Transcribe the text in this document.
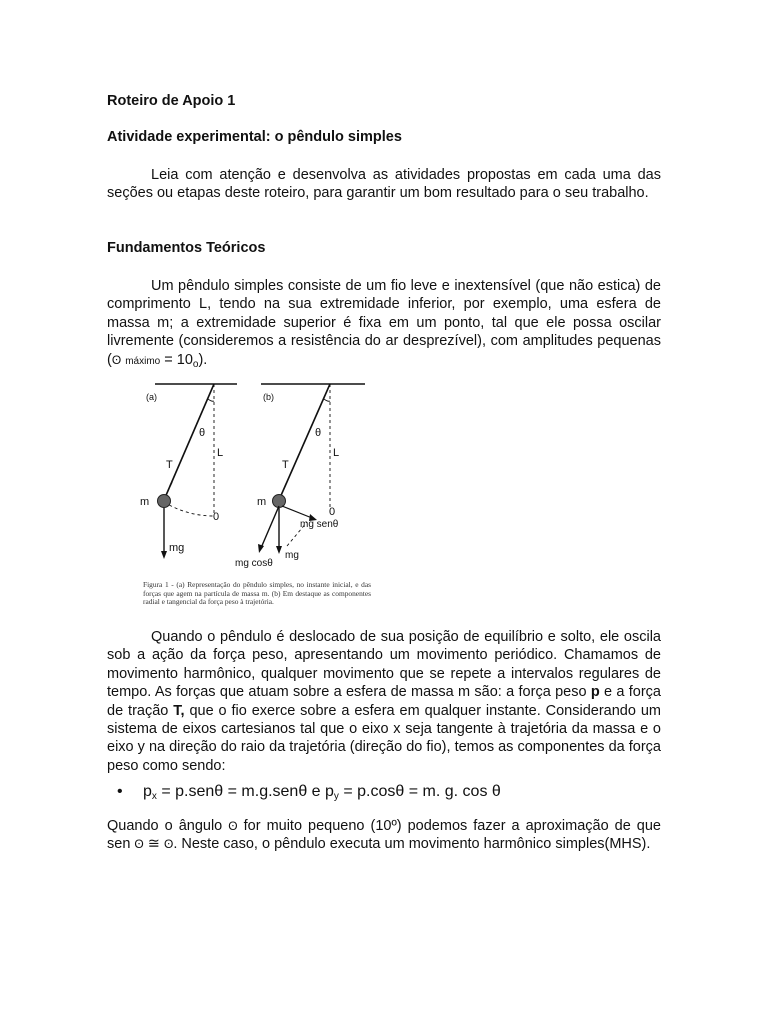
Roteiro de Apoio 1
Atividade experimental: o pêndulo simples

Leia com atenção e desenvolva as atividades propostas em cada uma das seções ou etapas deste roteiro, para garantir um bom resultado para o seu trabalho.

Fundamentos Teóricos

Um pêndulo simples consiste de um fio leve e inextensível (que não estica) de comprimento L, tendo na sua extremidade inferior, por exemplo, uma esfera de massa m; a extremidade superior é fixa em um ponto, tal que ele possa oscilar livremente (consideremos a resistência do ar desprezível), com amplitudes pequenas (ʘ máximo = $10_o$).

(a)
θ
L
T
m
0
mg
(b)
θ
L
T
m
0
mg senθ
mg
mg cosθ

Figura 1 - (a) Representação do pêndulo simples, no instante inicial, e das forças que agem na partícula de massa m. (b) Em destaque as componentes radial e tangencial da força peso à trajetória.

Quando o pêndulo é deslocado de sua posição de equilíbrio e solto, ele oscila sob a ação da força peso, apresentando um movimento periódico. Chamamos de movimento harmônico, qualquer movimento que se repete a intervalos regulares de tempo. As forças que atuam sobre a esfera de massa m são: a força peso p e a força de tração T, que o fio exerce sobre a esfera em qualquer instante. Considerando um sistema de eixos cartesianos tal que o eixo x seja tangente à trajetória da massa e o eixo y na direção do raio da trajetória (direção do fio), temos as componentes da força peso como sendo:

• $p_x = p.sen\theta = m.g.sen\theta$ e $p_y = p.\cos\theta = m$. g. cos θ

Quando o ângulo ʘ for muito pequeno (10º) podemos fazer a aproximação de que sen ʘ ≅ ʘ. Neste caso, o pêndulo executa um movimento harmônico simples(MHS).
